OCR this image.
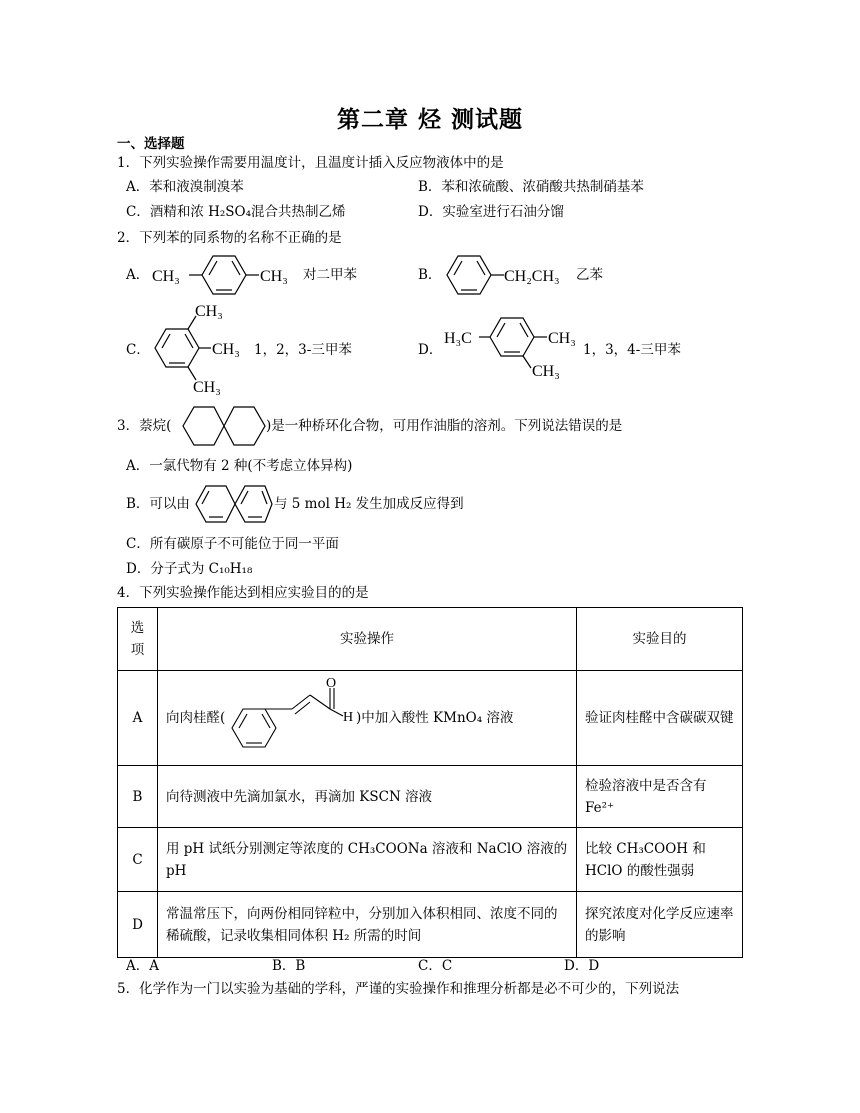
第二章 烃 测试题
一、选择题
1．下列实验操作需要用温度计，且温度计插入反应物液体中的是
A．苯和液溴制溴苯	B．苯和浓硫酸、浓硝酸共热制硝基苯
C．酒精和浓 H₂SO₄混合共热制乙烯	D．实验室进行石油分馏
2．下列苯的同系物的名称不正确的是
A． CH₃	CH₃ 对二甲苯	B．	CH₂CH₃ 乙苯
C．
CH₃
CH₃
CH₃
1，2，3-三甲苯	D．
H₃C	CH₃
CH₃
1，3，4-三甲苯
3．萘烷(	)是一种桥环化合物，可用作油脂的溶剂。下列说法错误的是
A．一氯代物有 2 种(不考虑立体异构)
B．可以由	与 5 mol H₂ 发生加成反应得到
C．所有碳原子不可能位于同一平面
D．分子式为 C₁₀H₁₈
4．下列实验操作能达到相应实验目的的是
选项	实验操作	实验目的
A	向肉桂醛(
O
H )中加入酸性 KMnO₄ 溶液	验证肉桂醛中含碳碳双键
B	向待测液中先滴加氯水，再滴加 KSCN 溶液	检验溶液中是否含有 Fe²⁺
C	用 pH 试纸分别测定等浓度的 CH₃COONa 溶液和 NaClO 溶液的pH	比较 CH₃COOH 和 HClO 的酸性强弱
D	常温常压下，向两份相同锌粒中，分别加入体积相同、浓度不同的稀硫酸，记录收集相同体积 H₂ 所需的时间	探究浓度对化学反应速率的影响
A．A	B．B	C．C	D．D
5．化学作为一门以实验为基础的学科，严谨的实验操作和推理分析都是必不可少的，下列说法
